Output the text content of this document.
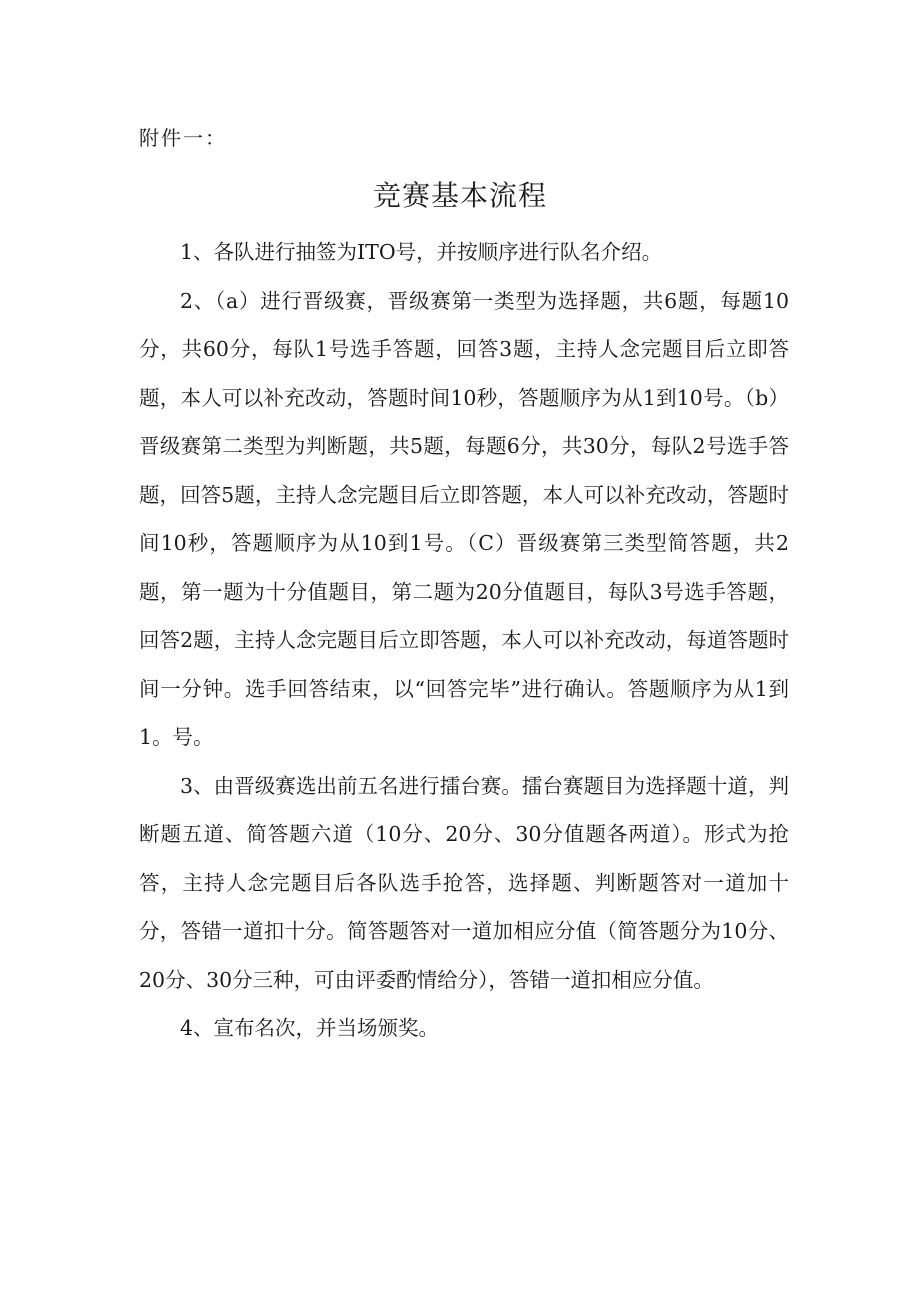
附件一：
竞赛基本流程

1、各队进行抽签为ITO号，并按顺序进行队名介绍。

2、（a）进行晋级赛，晋级赛第一类型为选择题，共6题，每题10分，共60分，每队1号选手答题，回答3题，主持人念完题目后立即答题，本人可以补充改动，答题时间10秒，答题顺序为从1到10号。（b）晋级赛第二类型为判断题，共5题，每题6分，共30分，每队2号选手答题，回答5题，主持人念完题目后立即答题，本人可以补充改动，答题时间10秒，答题顺序为从10到1号。（C）晋级赛第三类型简答题，共2题，第一题为十分值题目，第二题为20分值题目，每队3号选手答题，回答2题，主持人念完题目后立即答题，本人可以补充改动，每道答题时间一分钟。选手回答结束，以“回答完毕”进行确认。答题顺序为从1到1。号。

3、由晋级赛选出前五名进行擂台赛。擂台赛题目为选择题十道，判断题五道、简答题六道（10分、20分、30分值题各两道）。形式为抢答，主持人念完题目后各队选手抢答，选择题、判断题答对一道加十分，答错一道扣十分。简答题答对一道加相应分值（简答题分为10分、20分、30分三种，可由评委酌情给分），答错一道扣相应分值。

4、宣布名次，并当场颁奖。
